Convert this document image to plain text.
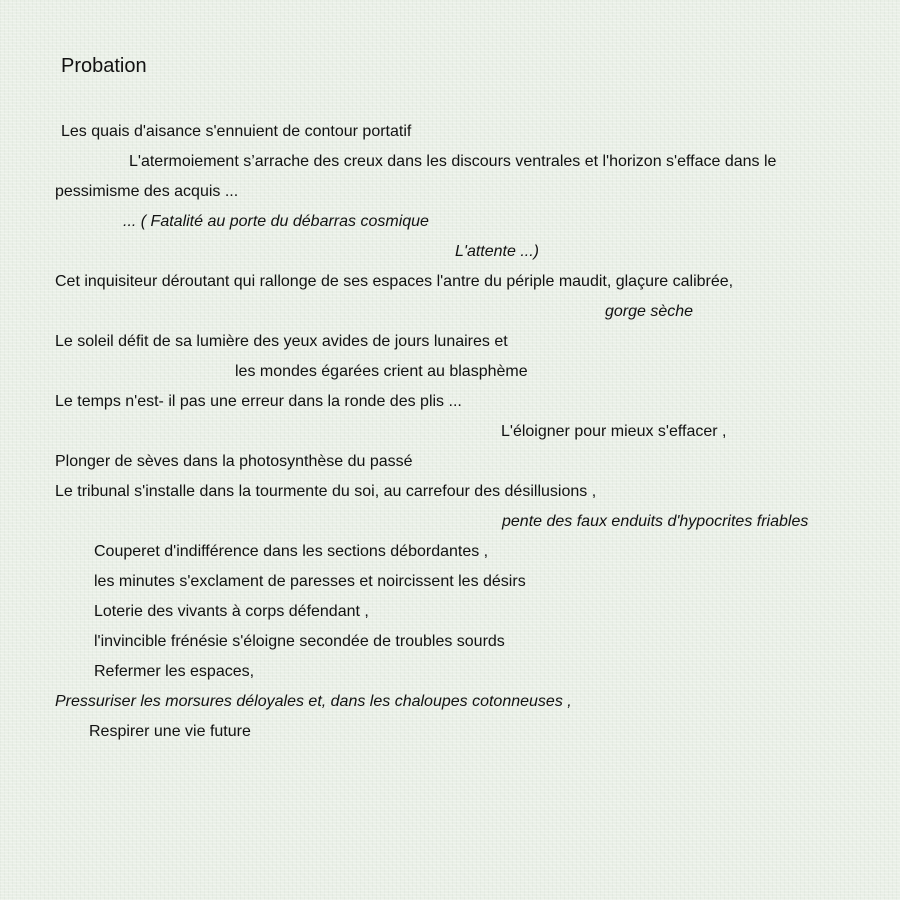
Probation
Les quais d'aisance s'ennuient de contour portatif
L'atermoiement s’arrache des creux dans les discours ventrales et l'horizon s'efface dans le
pessimisme des acquis ...
... ( Fatalité au porte du débarras cosmique
L'attente ...)
Cet inquisiteur déroutant qui rallonge de ses espaces l'antre du périple maudit, glaçure calibrée,
gorge sèche
Le soleil défit de sa lumière des yeux avides de jours lunaires et
les mondes égarées crient au blasphème
Le temps n'est- il pas une erreur dans la ronde des plis ...
L'éloigner pour mieux s'effacer ,
Plonger de sèves dans la photosynthèse du passé
Le tribunal s'installe dans la tourmente du soi, au carrefour des désillusions ,
pente des faux enduits d'hypocrites friables
Couperet d'indifférence dans les sections débordantes ,
les minutes s'exclament de paresses et noircissent les désirs
Loterie des vivants à corps défendant ,
l'invincible frénésie s'éloigne secondée de troubles sourds
Refermer les espaces,
Pressuriser les morsures déloyales et, dans les chaloupes cotonneuses ,
Respirer une vie future
